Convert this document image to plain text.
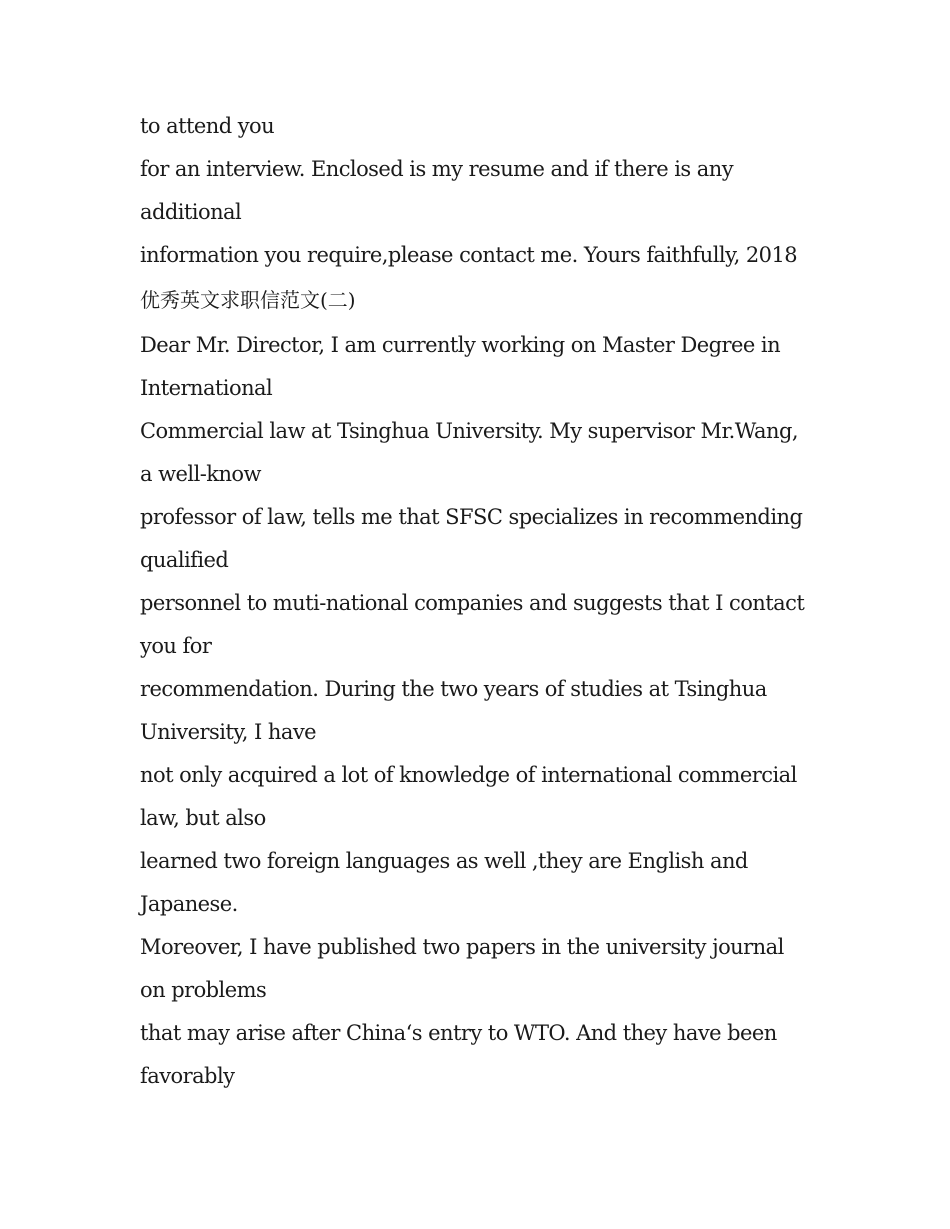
to attend you
for an interview. Enclosed is my resume and if there is any
additional
information you require,please contact me. Yours faithfully, 2018
优秀英文求职信范文(二)
Dear Mr. Director, I am currently working on Master Degree in
International
Commercial law at Tsinghua University. My supervisor Mr.Wang,
a well-know
professor of law, tells me that SFSC specializes in recommending
qualified
personnel to muti-national companies and suggests that I contact
you for
recommendation. During the two years of studies at Tsinghua
University, I have
not only acquired a lot of knowledge of international commercial
law, but also
learned two foreign languages as well ,they are English and
Japanese.
Moreover, I have published two papers in the university journal
on problems
that may arise after China‘s entry to WTO. And they have been
favorably
